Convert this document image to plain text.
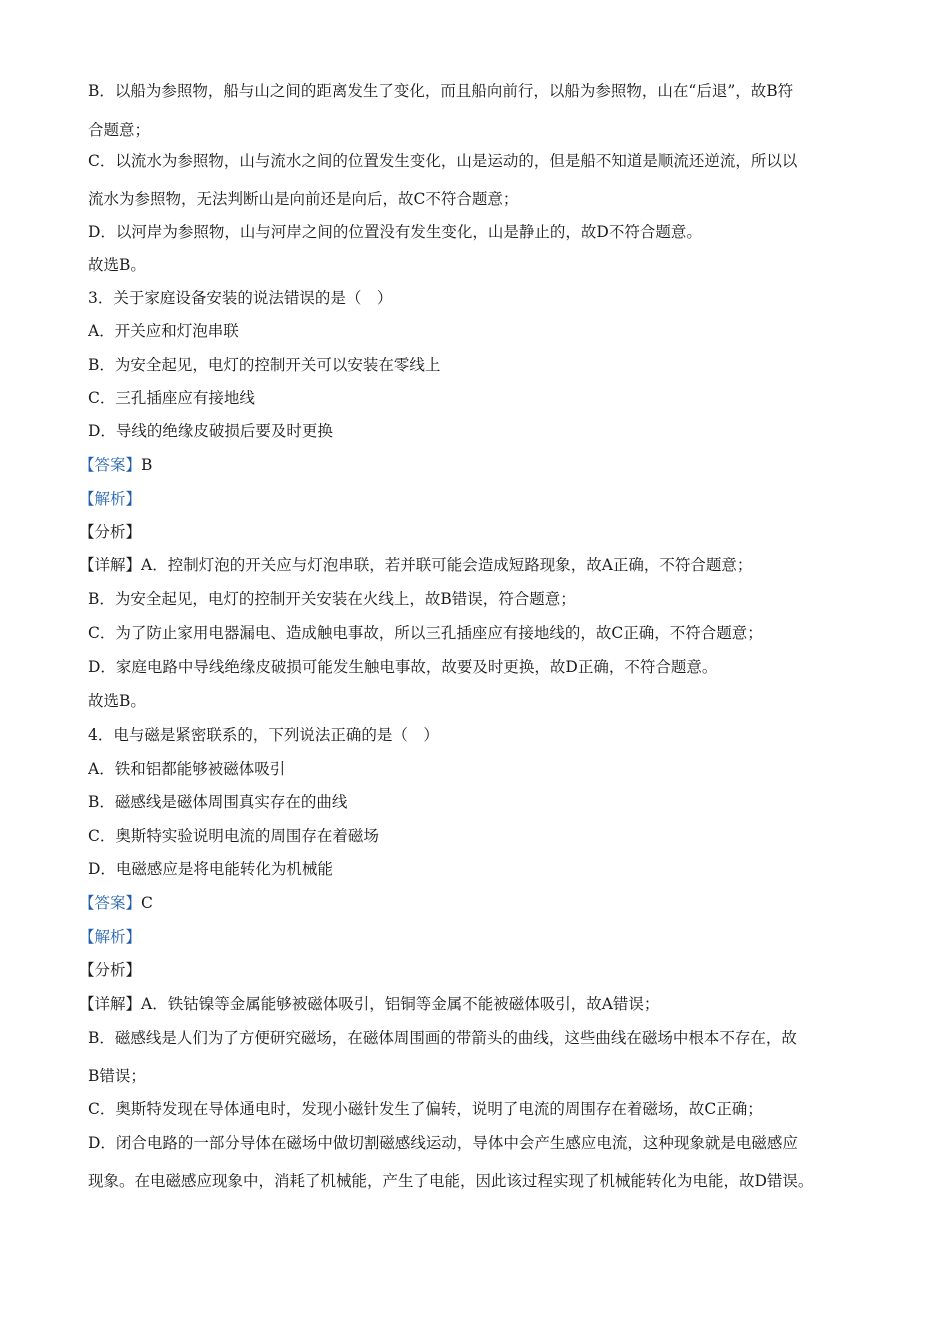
B．以船为参照物，船与山之间的距离发生了变化，而且船向前行，以船为参照物，山在“后退”，故B符
合题意；
C．以流水为参照物，山与流水之间的位置发生变化，山是运动的，但是船不知道是顺流还逆流，所以以
流水为参照物，无法判断山是向前还是向后，故C不符合题意；
D．以河岸为参照物，山与河岸之间的位置没有发生变化，山是静止的，故D不符合题意。
故选B。
3．关于家庭设备安装的说法错误的是（　）
A．开关应和灯泡串联
B．为安全起见，电灯的控制开关可以安装在零线上
C．三孔插座应有接地线
D．导线的绝缘皮破损后要及时更换
【答案】B
【解析】
【分析】
【详解】A．控制灯泡的开关应与灯泡串联，若并联可能会造成短路现象，故A正确，不符合题意；
B．为安全起见，电灯的控制开关安装在火线上，故B错误，符合题意；
C．为了防止家用电器漏电、造成触电事故，所以三孔插座应有接地线的，故C正确，不符合题意；
D．家庭电路中导线绝缘皮破损可能发生触电事故，故要及时更换，故D正确，不符合题意。
故选B。
4．电与磁是紧密联系的，下列说法正确的是（　）
A．铁和铝都能够被磁体吸引
B．磁感线是磁体周围真实存在的曲线
C．奥斯特实验说明电流的周围存在着磁场
D．电磁感应是将电能转化为机械能
【答案】C
【解析】
【分析】
【详解】A．铁钴镍等金属能够被磁体吸引，铝铜等金属不能被磁体吸引，故A错误；
B．磁感线是人们为了方便研究磁场，在磁体周围画的带箭头的曲线，这些曲线在磁场中根本不存在，故
B错误；
C．奥斯特发现在导体通电时，发现小磁针发生了偏转，说明了电流的周围存在着磁场，故C正确；
D．闭合电路的一部分导体在磁场中做切割磁感线运动，导体中会产生感应电流，这种现象就是电磁感应
现象。在电磁感应现象中，消耗了机械能，产生了电能，因此该过程实现了机械能转化为电能，故D错误。
